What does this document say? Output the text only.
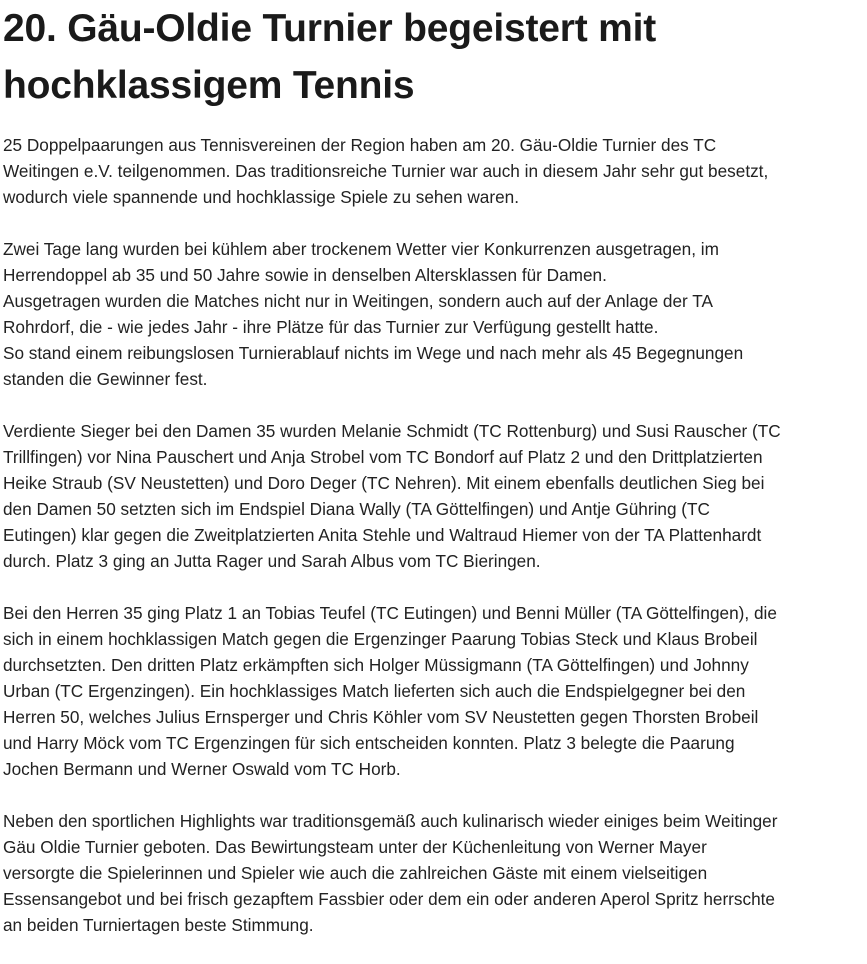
20. Gäu-Oldie Turnier begeistert mit
hochklassigem Tennis

25 Doppelpaarungen aus Tennisvereinen der Region haben am 20. Gäu-Oldie Turnier des TC
Weitingen e.V. teilgenommen. Das traditionsreiche Turnier war auch in diesem Jahr sehr gut besetzt,
wodurch viele spannende und hochklassige Spiele zu sehen waren.

Zwei Tage lang wurden bei kühlem aber trockenem Wetter vier Konkurrenzen ausgetragen, im
Herrendoppel ab 35 und 50 Jahre sowie in denselben Altersklassen für Damen.
Ausgetragen wurden die Matches nicht nur in Weitingen, sondern auch auf der Anlage der TA
Rohrdorf, die - wie jedes Jahr - ihre Plätze für das Turnier zur Verfügung gestellt hatte.
So stand einem reibungslosen Turnierablauf nichts im Wege und nach mehr als 45 Begegnungen
standen die Gewinner fest.

Verdiente Sieger bei den Damen 35 wurden Melanie Schmidt (TC Rottenburg) und Susi Rauscher (TC
Trillfingen) vor Nina Pauschert und Anja Strobel vom TC Bondorf auf Platz 2 und den Drittplatzierten
Heike Straub (SV Neustetten) und Doro Deger (TC Nehren). Mit einem ebenfalls deutlichen Sieg bei
den Damen 50 setzten sich im Endspiel Diana Wally (TA Göttelfingen) und Antje Gühring (TC
Eutingen) klar gegen die Zweitplatzierten Anita Stehle und Waltraud Hiemer von der TA Plattenhardt
durch. Platz 3 ging an Jutta Rager und Sarah Albus vom TC Bieringen.

Bei den Herren 35 ging Platz 1 an Tobias Teufel (TC Eutingen) und Benni Müller (TA Göttelfingen), die
sich in einem hochklassigen Match gegen die Ergenzinger Paarung Tobias Steck und Klaus Brobeil
durchsetzten. Den dritten Platz erkämpften sich Holger Müssigmann (TA Göttelfingen) und Johnny
Urban (TC Ergenzingen). Ein hochklassiges Match lieferten sich auch die Endspielgegner bei den
Herren 50, welches Julius Ernsperger und Chris Köhler vom SV Neustetten gegen Thorsten Brobeil
und Harry Möck vom TC Ergenzingen für sich entscheiden konnten. Platz 3 belegte die Paarung
Jochen Bermann und Werner Oswald vom TC Horb.

Neben den sportlichen Highlights war traditionsgemäß auch kulinarisch wieder einiges beim Weitinger
Gäu Oldie Turnier geboten. Das Bewirtungsteam unter der Küchenleitung von Werner Mayer
versorgte die Spielerinnen und Spieler wie auch die zahlreichen Gäste mit einem vielseitigen
Essensangebot und bei frisch gezapftem Fassbier oder dem ein oder anderen Aperol Spritz herrschte
an beiden Turniertagen beste Stimmung.
